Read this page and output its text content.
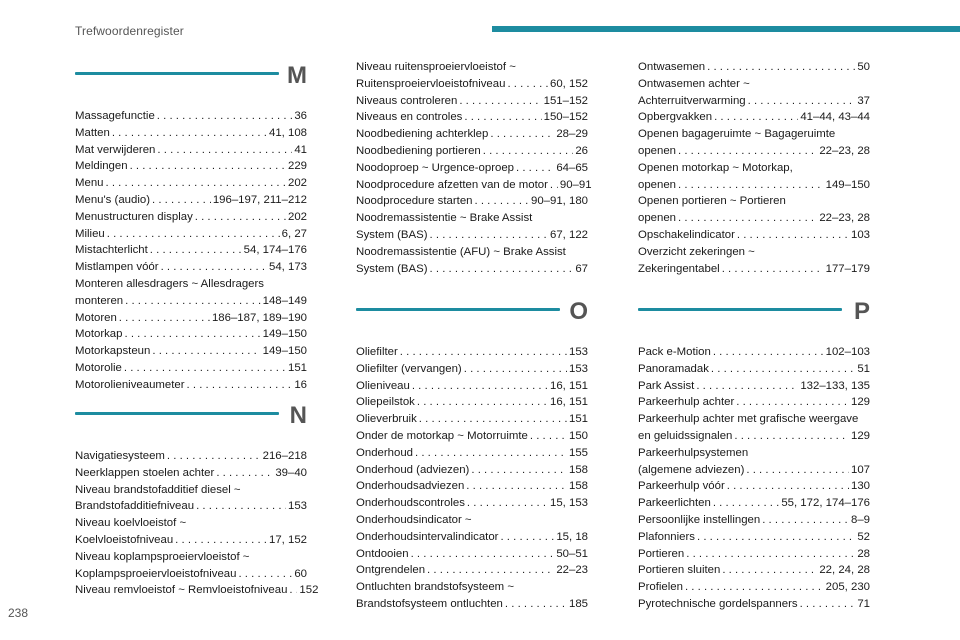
Trefwoordenregister
238
M
Massagefunctie . . .	36
Matten . . .	41, 108
Mat verwijderen . . .	41
Meldingen . . .	229
Menu . . .	202
Menu's (audio) . . .	196–197, 211–212
Menustructuren display . . .	202
Milieu . . .	6, 27
Mistachterlicht . . .	54, 174–176
Mistlampen vóór . . .	54, 173
Monteren allesdragers ~ Allesdragers
monteren . . .	148–149
Motoren . . .	186–187, 189–190
Motorkap . . .	149–150
Motorkapsteun . . .	149–150
Motorolie . . .	151
Motorolieniveaumeter . . .	16
N
Navigatiesysteem . . .	216–218
Neerklappen stoelen achter . . .	39–40
Niveau brandstofadditief diesel ~
Brandstofadditiefniveau . . .	153
Niveau koelvloeistof ~
Koelvloeistofniveau . . .	17, 152
Niveau koplampsproeiervloeistof ~
Koplampsproeiervloeistofniveau . . .	60
Niveau remvloeistof ~ Remvloeistofniveau . . . 152
Niveau ruitensproeiervloeistof ~
Ruitensproeiervloeistofniveau . . .	60, 152
Niveaus controleren . . .	151–152
Niveaus en controles . . .	150–152
Noodbediening achterklep . . .	28–29
Noodbediening portieren . . .	26
Noodoproep ~ Urgence-oproep . . .	64–65
Noodprocedure afzetten van de motor . . . 90–91
Noodprocedure starten . . .	90–91, 180
Noodremassistentie ~ Brake Assist
System (BAS) . . .	67, 122
Noodremassistentie (AFU) ~ Brake Assist
System (BAS) . . .	67
O
Oliefilter . . .	153
Oliefilter (vervangen) . . .	153
Olieniveau . . .	16, 151
Oliepeilstok . . .	16, 151
Olieverbruik . . .	151
Onder de motorkap ~ Motorruimte . . .	150
Onderhoud . . .	155
Onderhoud (adviezen) . . .	158
Onderhoudsadviezen . . .	158
Onderhoudscontroles . . .	15, 153
Onderhoudsindicator ~
Onderhoudsintervalindicator . . .	15, 18
Ontdooien . . .	50–51
Ontgrendelen . . .	22–23
Ontluchten brandstofsysteem ~
Brandstofsysteem ontluchten . . .	185
Ontwasemen . . .	50
Ontwasemen achter ~
Achterruitverwarming . . .	37
Opbergvakken . . .	41–44, 43–44
Openen bagageruimte ~ Bagageruimte
openen . . .	22–23, 28
Openen motorkap ~ Motorkap,
openen . . .	149–150
Openen portieren ~ Portieren
openen . . .	22–23, 28
Opschakelindicator . . .	103
Overzicht zekeringen ~
Zekeringentabel . . .	177–179
P
Pack e-Motion . . .	102–103
Panoramadak . . .	51
Park Assist . . .	132–133, 135
Parkeerhulp achter . . .	129
Parkeerhulp achter met grafische weergave
en geluidssignalen . . .	129
Parkeerhulpsystemen
(algemene adviezen) . . .	107
Parkeerhulp vóór . . .	130
Parkeerlichten . . .	55, 172, 174–176
Persoonlijke instellingen . . .	8–9
Plafonniers . . .	52
Portieren . . .	28
Portieren sluiten . . .	22, 24, 28
Profielen . . .	205, 230
Pyrotechnische gordelspanners . . .	71
